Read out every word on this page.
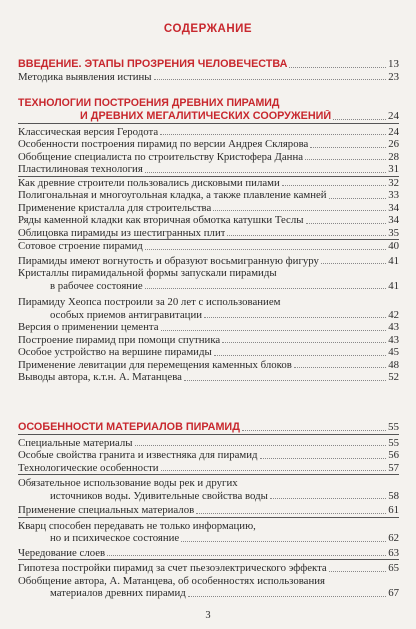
СОДЕРЖАНИЕ
ВВЕДЕНИЕ. ЭТАПЫ ПРОЗРЕНИЯ ЧЕЛОВЕЧЕСТВА	13
Методика выявления истины	23
ТЕХНОЛОГИИ ПОСТРОЕНИЯ ДРЕВНИХ ПИРАМИД
И ДРЕВНИХ МЕГАЛИТИЧЕСКИХ СООРУЖЕНИЙ	24
Классическая версия Геродота	24
Особенности построения пирамид по версии Андрея Склярова	26
Обобщение специалиста по строительству Кристофера Данна	28
Пластилиновая технология	31
Как древние строители пользовались дисковыми пилами	32
Полигональная и многоугольная кладка, а также плавление камней	33
Применение кристалла для строительства	34
Ряды каменной кладки как вторичная обмотка катушки Теслы	34
Облицовка пирамиды из шестигранных плит	35
Сотовое строение пирамид	40
Пирамиды имеют вогнутость и образуют восьмигранную фигуру	41
Кристаллы пирамидальной формы запускали пирамиды
в рабочее состояние	41
Пирамиду Хеопса построили за 20 лет с использованием
особых приемов антигравитации	42
Версия о применении цемента	43
Построение пирамид при помощи спутника	43
Особое устройство на вершине пирамиды	45
Применение левитации для перемещения каменных блоков	48
Выводы автора, к.т.н. А. Матанцева	52
ОСОБЕННОСТИ МАТЕРИАЛОВ ПИРАМИД	55
Специальные материалы	55
Особые свойства гранита и известняка для пирамид	56
Технологические особенности	57
Обязательное использование воды рек и других
источников воды. Удивительные свойства воды	58
Применение специальных материалов	61
Кварц способен передавать не только информацию,
но и психическое состояние	62
Чередование слоев	63
Гипотеза постройки пирамид за счет пьезоэлектрического эффекта	65
Обобщение автора, А. Матанцева, об особенностях использования
материалов древних пирамид	67
3
